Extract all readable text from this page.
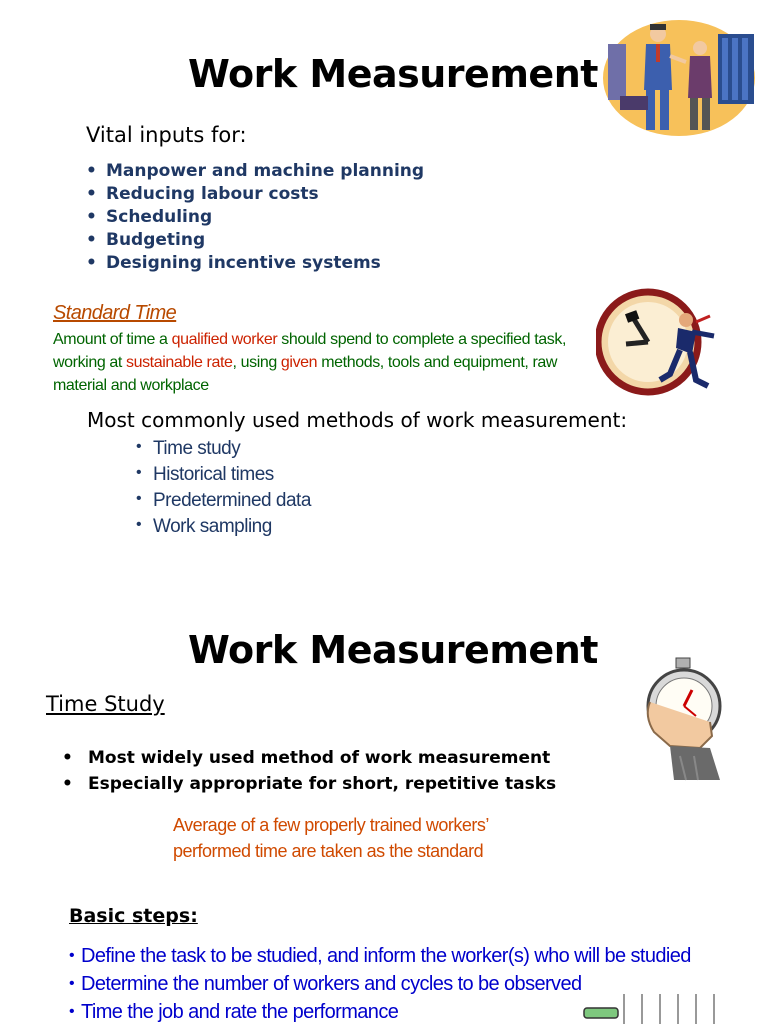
Work Measurement
Vital inputs for:
• Manpower and machine planning
• Reducing labour costs
• Scheduling
• Budgeting
• Designing incentive systems
Standard Time
Amount of time a qualified worker should spend to complete a specified task, working at sustainable rate, using given methods, tools and equipment, raw material and workplace
Most commonly used methods of work measurement:
• Time study
• Historical times
• Predetermined data
• Work sampling
Work Measurement
Time Study
• Most widely used method of work measurement
• Especially appropriate for short, repetitive tasks
Average of a few properly trained workers’
performed time are taken as the standard
Basic steps:
• Define the task to be studied, and inform the worker(s) who will be studied
• Determine the number of workers and cycles to be observed
• Time the job and rate the performance
